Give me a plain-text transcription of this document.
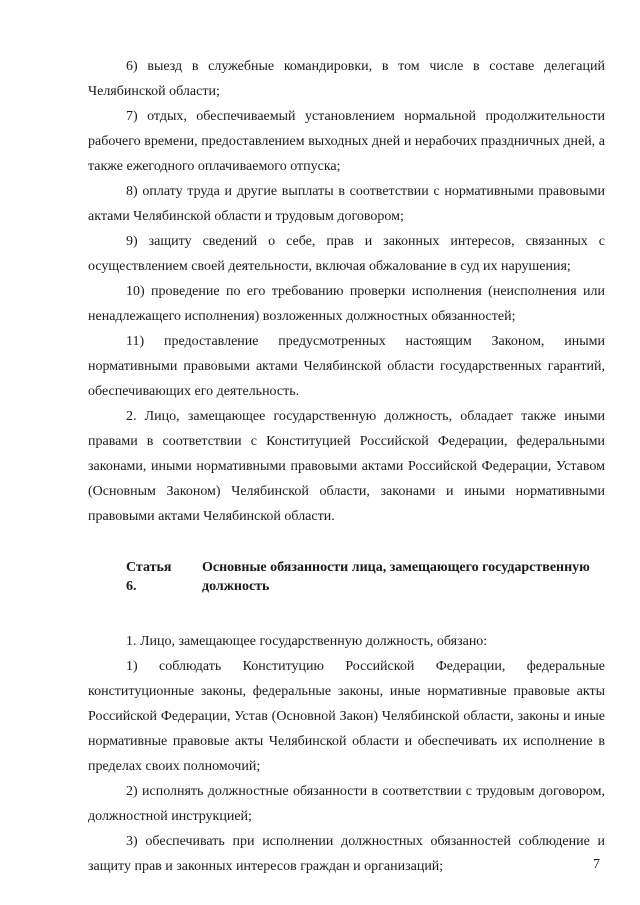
6) выезд в служебные командировки, в том числе в составе делегаций Челябинской области;

7) отдых, обеспечиваемый установлением нормальной продолжительности рабочего времени, предоставлением выходных дней и нерабочих праздничных дней, а также ежегодного оплачиваемого отпуска;

8) оплату труда и другие выплаты в соответствии с нормативными правовыми актами Челябинской области и трудовым договором;

9) защиту сведений о себе, прав и законных интересов, связанных с осуществлением своей деятельности, включая обжалование в суд их нарушения;

10) проведение по его требованию проверки исполнения (неисполнения или ненадлежащего исполнения) возложенных должностных обязанностей;

11) предоставление предусмотренных настоящим Законом, иными нормативными правовыми актами Челябинской области государственных гарантий, обеспечивающих его деятельность.

2. Лицо, замещающее государственную должность, обладает также иными правами в соответствии с Конституцией Российской Федерации, федеральными законами, иными нормативными правовыми актами Российской Федерации, Уставом (Основным Законом) Челябинской области, законами и иными нормативными правовыми актами Челябинской области.

Статья 6.
Основные обязанности лица, замещающего государственную должность

1. Лицо, замещающее государственную должность, обязано:

1) соблюдать Конституцию Российской Федерации, федеральные конституционные законы, федеральные законы, иные нормативные правовые акты Российской Федерации, Устав (Основной Закон) Челябинской области, законы и иные нормативные правовые акты Челябинской области и обеспечивать их исполнение в пределах своих полномочий;

2) исполнять должностные обязанности в соответствии с трудовым договором, должностной инструкцией;

3) обеспечивать при исполнении должностных обязанностей соблюдение и защиту прав и законных интересов граждан и организаций;	7
